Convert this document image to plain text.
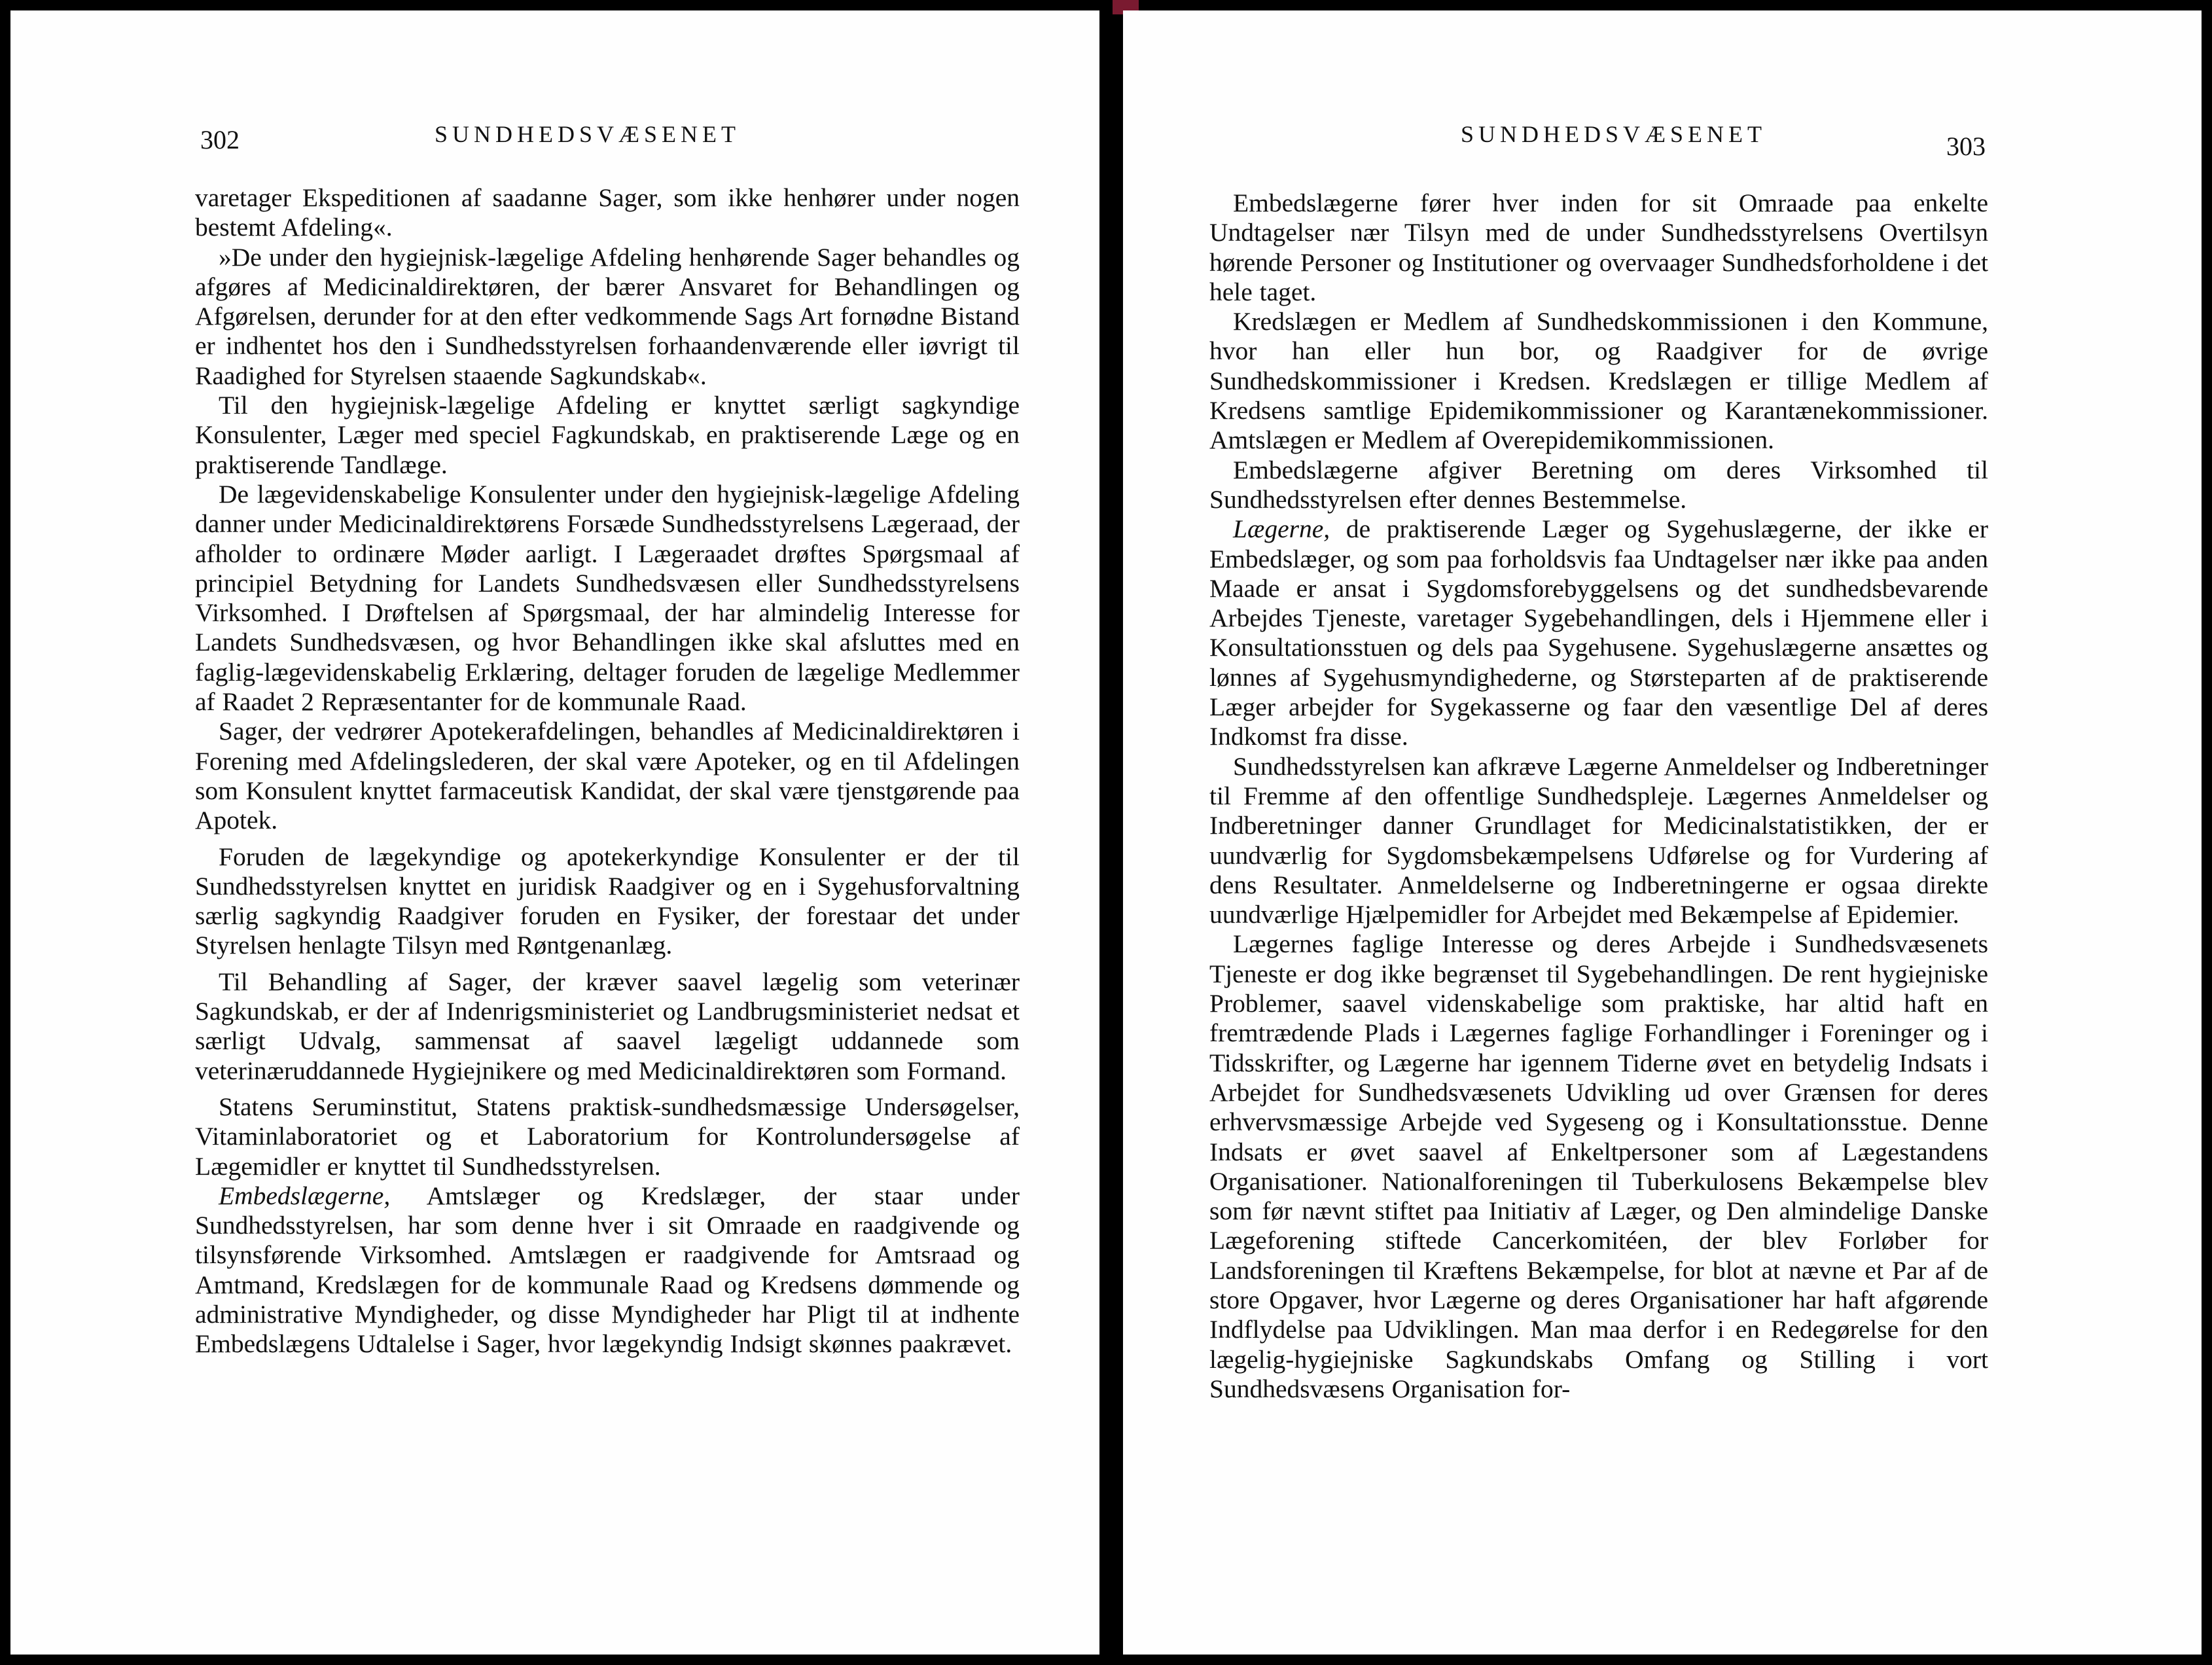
302	SUNDHEDSVÆSENET

varetager Ekspeditionen af saadanne Sager, som ikke henhører under nogen bestemt Afdeling«.

»De under den hygiejnisk-lægelige Afdeling henhørende Sager behandles og afgøres af Medicinaldirektøren, der bærer Ansvaret for Behandlingen og Afgørelsen, derunder for at den efter vedkommende Sags Art fornødne Bistand er indhentet hos den i Sundhedsstyrelsen forhaandenværende eller iøvrigt til Raadighed for Styrelsen staaende Sagkundskab«.

Til den hygiejnisk-lægelige Afdeling er knyttet særligt sagkyndige Konsulenter, Læger med speciel Fagkundskab, en praktiserende Læge og en praktiserende Tandlæge.

De lægevidenskabelige Konsulenter under den hygiejnisk-lægelige Afdeling danner under Medicinaldirektørens Forsæde Sundhedsstyrelsens Lægeraad, der afholder to ordinære Møder aarligt. I Lægeraadet drøftes Spørgsmaal af principiel Betydning for Landets Sundhedsvæsen eller Sundhedsstyrelsens Virksomhed. I Drøftelsen af Spørgsmaal, der har almindelig Interesse for Landets Sundhedsvæsen, og hvor Behandlingen ikke skal afsluttes med en faglig-lægevidenskabelig Erklæring, deltager foruden de lægelige Medlemmer af Raadet 2 Repræsentanter for de kommunale Raad.

Sager, der vedrører Apotekerafdelingen, behandles af Medicinaldirektøren i Forening med Afdelingslederen, der skal være Apoteker, og en til Afdelingen som Konsulent knyttet farmaceutisk Kandidat, der skal være tjenstgørende paa Apotek.

Foruden de lægekyndige og apotekerkyndige Konsulenter er der til Sundhedsstyrelsen knyttet en juridisk Raadgiver og en i Sygehusforvaltning særlig sagkyndig Raadgiver foruden en Fysiker, der forestaar det under Styrelsen henlagte Tilsyn med Røntgenanlæg.

Til Behandling af Sager, der kræver saavel lægelig som veterinær Sagkundskab, er der af Indenrigsministeriet og Landbrugsministeriet nedsat et særligt Udvalg, sammensat af saavel lægeligt uddannede som veterinæruddannede Hygiejnikere og med Medicinaldirektøren som Formand.

Statens Seruminstitut, Statens praktisk-sundhedsmæssige Undersøgelser, Vitaminlaboratoriet og et Laboratorium for Kontrolundersøgelse af Lægemidler er knyttet til Sundhedsstyrelsen.

Embedslægerne, Amtslæger og Kredslæger, der staar under Sundhedsstyrelsen, har som denne hver i sit Omraade en raadgivende og tilsynsførende Virksomhed. Amtslægen er raadgivende for Amtsraad og Amtmand, Kredslægen for de kommunale Raad og Kredsens dømmende og administrative Myndigheder, og disse Myndigheder har Pligt til at indhente Embedslægens Udtalelse i Sager, hvor lægekyndig Indsigt skønnes paakrævet.

SUNDHEDSVÆSENET	303

Embedslægerne fører hver inden for sit Omraade paa enkelte Undtagelser nær Tilsyn med de under Sundhedsstyrelsens Overtilsyn hørende Personer og Institutioner og overvaager Sundhedsforholdene i det hele taget.

Kredslægen er Medlem af Sundhedskommissionen i den Kommune, hvor han eller hun bor, og Raadgiver for de øvrige Sundhedskommissioner i Kredsen. Kredslægen er tillige Medlem af Kredsens samtlige Epidemikommissioner og Karantænekommissioner. Amtslægen er Medlem af Overepidemikommissionen.

Embedslægerne afgiver Beretning om deres Virksomhed til Sundhedsstyrelsen efter dennes Bestemmelse.

Lægerne, de praktiserende Læger og Sygehuslægerne, der ikke er Embedslæger, og som paa forholdsvis faa Undtagelser nær ikke paa anden Maade er ansat i Sygdomsforebyggelsens og det sundhedsbevarende Arbejdes Tjeneste, varetager Sygebehandlingen, dels i Hjemmene eller i Konsultationsstuen og dels paa Sygehusene. Sygehuslægerne ansættes og lønnes af Sygehusmyndighederne, og Størsteparten af de praktiserende Læger arbejder for Sygekasserne og faar den væsentlige Del af deres Indkomst fra disse.

Sundhedsstyrelsen kan afkræve Lægerne Anmeldelser og Indberetninger til Fremme af den offentlige Sundhedspleje. Lægernes Anmeldelser og Indberetninger danner Grundlaget for Medicinalstatistikken, der er uundværlig for Sygdomsbekæmpelsens Udførelse og for Vurdering af dens Resultater. Anmeldelserne og Indberetningerne er ogsaa direkte uundværlige Hjælpemidler for Arbejdet med Bekæmpelse af Epidemier.

Lægernes faglige Interesse og deres Arbejde i Sundhedsvæsenets Tjeneste er dog ikke begrænset til Sygebehandlingen. De rent hygiejniske Problemer, saavel videnskabelige som praktiske, har altid haft en fremtrædende Plads i Lægernes faglige Forhandlinger i Foreninger og i Tidsskrifter, og Lægerne har igennem Tiderne øvet en betydelig Indsats i Arbejdet for Sundhedsvæsenets Udvikling ud over Grænsen for deres erhvervsmæssige Arbejde ved Sygeseng og i Konsultationsstue. Denne Indsats er øvet saavel af Enkeltpersoner som af Lægestandens Organisationer. Nationalforeningen til Tuberkulosens Bekæmpelse blev som før nævnt stiftet paa Initiativ af Læger, og Den almindelige Danske Lægeforening stiftede Cancerkomitéen, der blev Forløber for Landsforeningen til Kræftens Bekæmpelse, for blot at nævne et Par af de store Opgaver, hvor Lægerne og deres Organisationer har haft afgørende Indflydelse paa Udviklingen. Man maa derfor i en Redegørelse for den lægelig-hygiejniske Sagkundskabs Omfang og Stilling i vort Sundhedsvæsens Organisation for-
